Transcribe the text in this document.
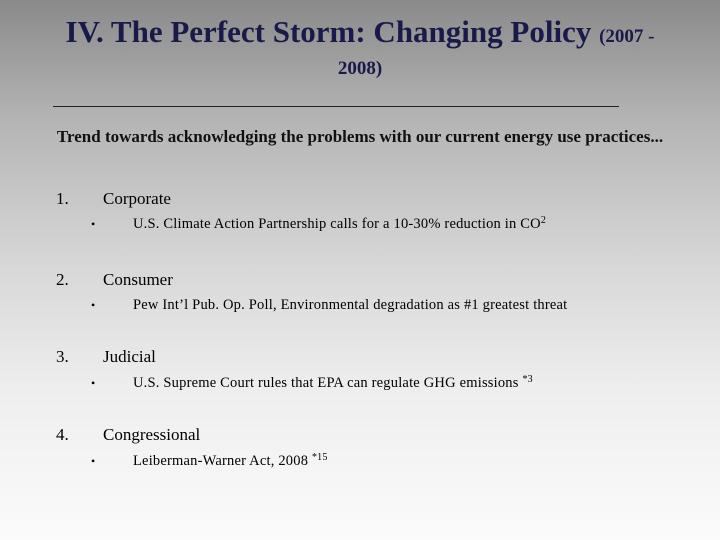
IV. The Perfect Storm: Changing Policy (2007 -
2008)
Trend towards acknowledging the problems with our current energy use practices...
1. Corporate
•	U.S. Climate Action Partnership calls for a 10-30% reduction in $CO^2$
2. Consumer
•	Pew Int’l Pub. Op. Poll, Environmental degradation as #1 greatest threat
3. Judicial
•	U.S. Supreme Court rules that EPA can regulate GHG emissions $^{*3}$
4. Congressional
•	Leiberman-Warner Act, 2008 $^{*15}$
